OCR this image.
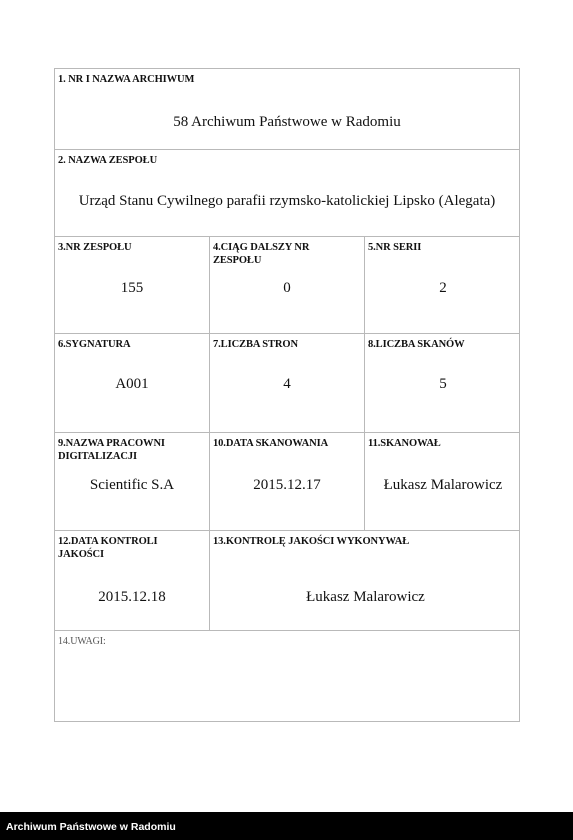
1. NR I NAZWA ARCHIWUM
58 Archiwum Państwowe w Radomiu
2. NAZWA ZESPOŁU
Urząd Stanu Cywilnego parafii rzymsko-katolickiej Lipsko (Alegata)
3.NR ZESPOŁU
155
4.CIĄG DALSZY NR ZESPOŁU
0
5.NR SERII
2
6.SYGNATURA
A001
7.LICZBA STRON
4
8.LICZBA SKANÓW
5
9.NAZWA PRACOWNI DIGITALIZACJI
Scientific S.A
10.DATA SKANOWANIA
2015.12.17
11.SKANOWAŁ
Łukasz Malarowicz
12.DATA KONTROLI JAKOŚCI
2015.12.18
13.KONTROLĘ JAKOŚCI WYKONYWAŁ
Łukasz Malarowicz
14.UWAGI:
Archiwum Państwowe w Radomiu
